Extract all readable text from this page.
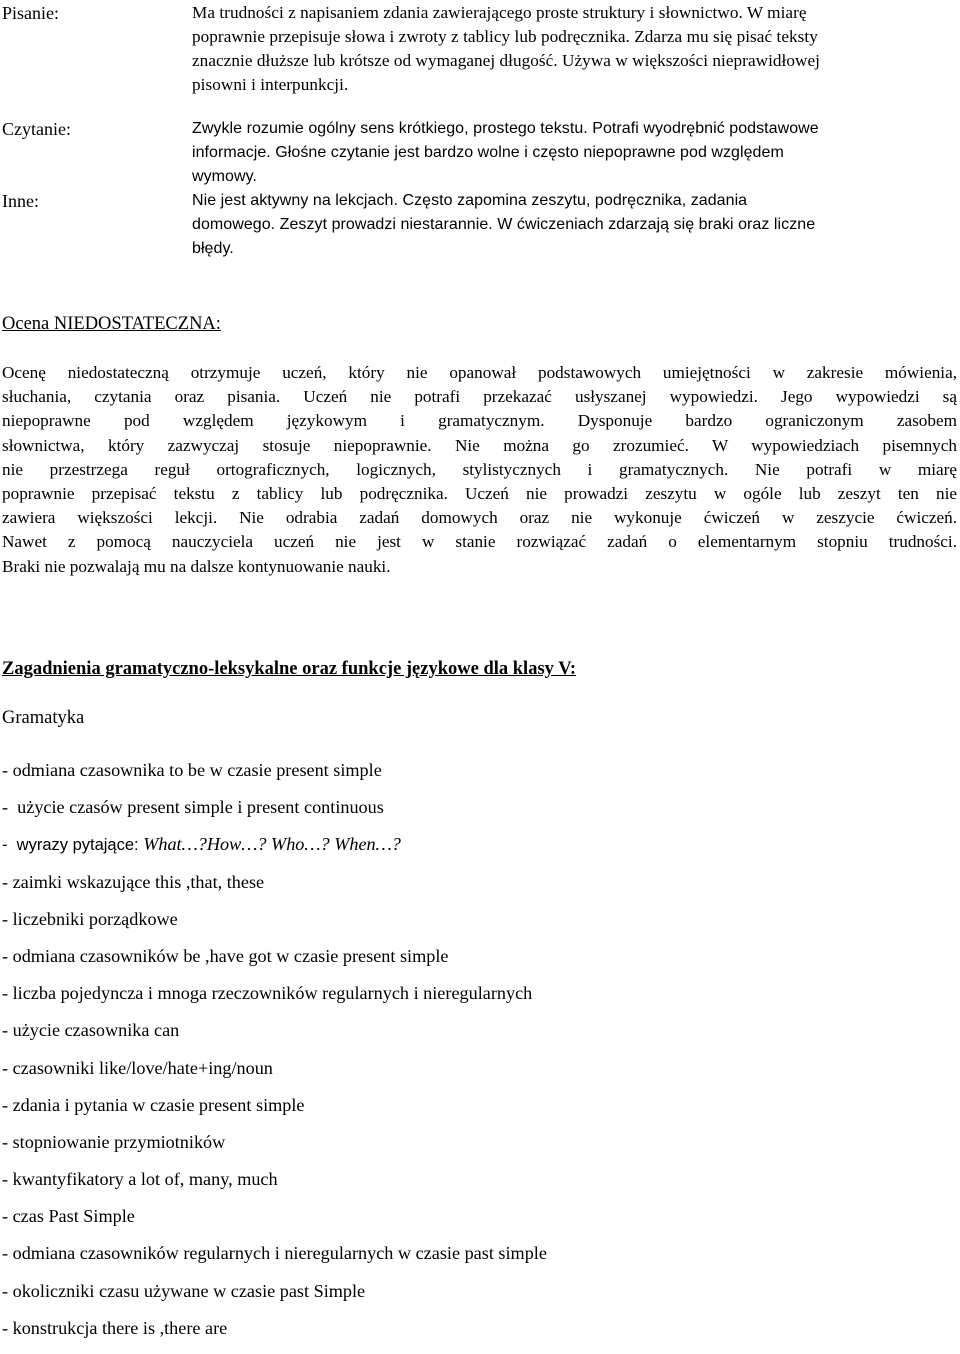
Pisanie:	Ma trudności z napisaniem zdania zawierającego proste struktury i słownictwo. W miarę
poprawnie przepisuje słowa i zwroty z tablicy lub podręcznika. Zdarza mu się pisać teksty
znacznie dłuższe lub krótsze od wymaganej długość. Używa w większości nieprawidłowej
pisowni i interpunkcji.
Czytanie:	Zwykle rozumie ogólny sens krótkiego, prostego tekstu. Potrafi wyodrębnić podstawowe
informacje. Głośne czytanie jest bardzo wolne i często niepoprawne pod względem
wymowy.
Inne:	Nie jest aktywny na lekcjach. Często zapomina zeszytu, podręcznika, zadania
domowego. Zeszyt prowadzi niestarannie. W ćwiczeniach zdarzają się braki oraz liczne
błędy.
Ocena NIEDOSTATECZNA:
Ocenę niedostateczną otrzymuje uczeń, który nie opanował podstawowych umiejętności w zakresie mówienia,
słuchania, czytania oraz pisania. Uczeń nie potrafi przekazać usłyszanej wypowiedzi. Jego wypowiedzi są
niepoprawne pod względem językowym i gramatycznym. Dysponuje bardzo ograniczonym zasobem
słownictwa, który zazwyczaj stosuje niepoprawnie. Nie można go zrozumieć. W wypowiedziach pisemnych
nie przestrzega reguł ortograficznych, logicznych, stylistycznych i gramatycznych. Nie potrafi w miarę
poprawnie przepisać tekstu z tablicy lub podręcznika. Uczeń nie prowadzi zeszytu w ogóle lub zeszyt ten nie
zawiera większości lekcji. Nie odrabia zadań domowych oraz nie wykonuje ćwiczeń w zeszycie ćwiczeń.
Nawet z pomocą nauczyciela uczeń nie jest w stanie rozwiązać zadań o elementarnym stopniu trudności.
Braki nie pozwalają mu na dalsze kontynuowanie nauki.
Zagadnienia gramatyczno-leksykalne oraz funkcje językowe dla klasy V:
Gramatyka
- odmiana czasownika to be w czasie present simple
-  użycie czasów present simple i present continuous
-  wyrazy pytające: What…?How…? Who…? When…?
- zaimki wskazujące this ,that, these
- liczebniki porządkowe
- odmiana czasowników be ,have got w czasie present simple
- liczba pojedyncza i mnoga rzeczowników regularnych i nieregularnych
- użycie czasownika can
- czasowniki like/love/hate+ing/noun
- zdania i pytania w czasie present simple
- stopniowanie przymiotników
- kwantyfikatory a lot of, many, much
- czas Past Simple
- odmiana czasowników regularnych i nieregularnych w czasie past simple
- okoliczniki czasu używane w czasie past Simple
- konstrukcja there is ,there are
